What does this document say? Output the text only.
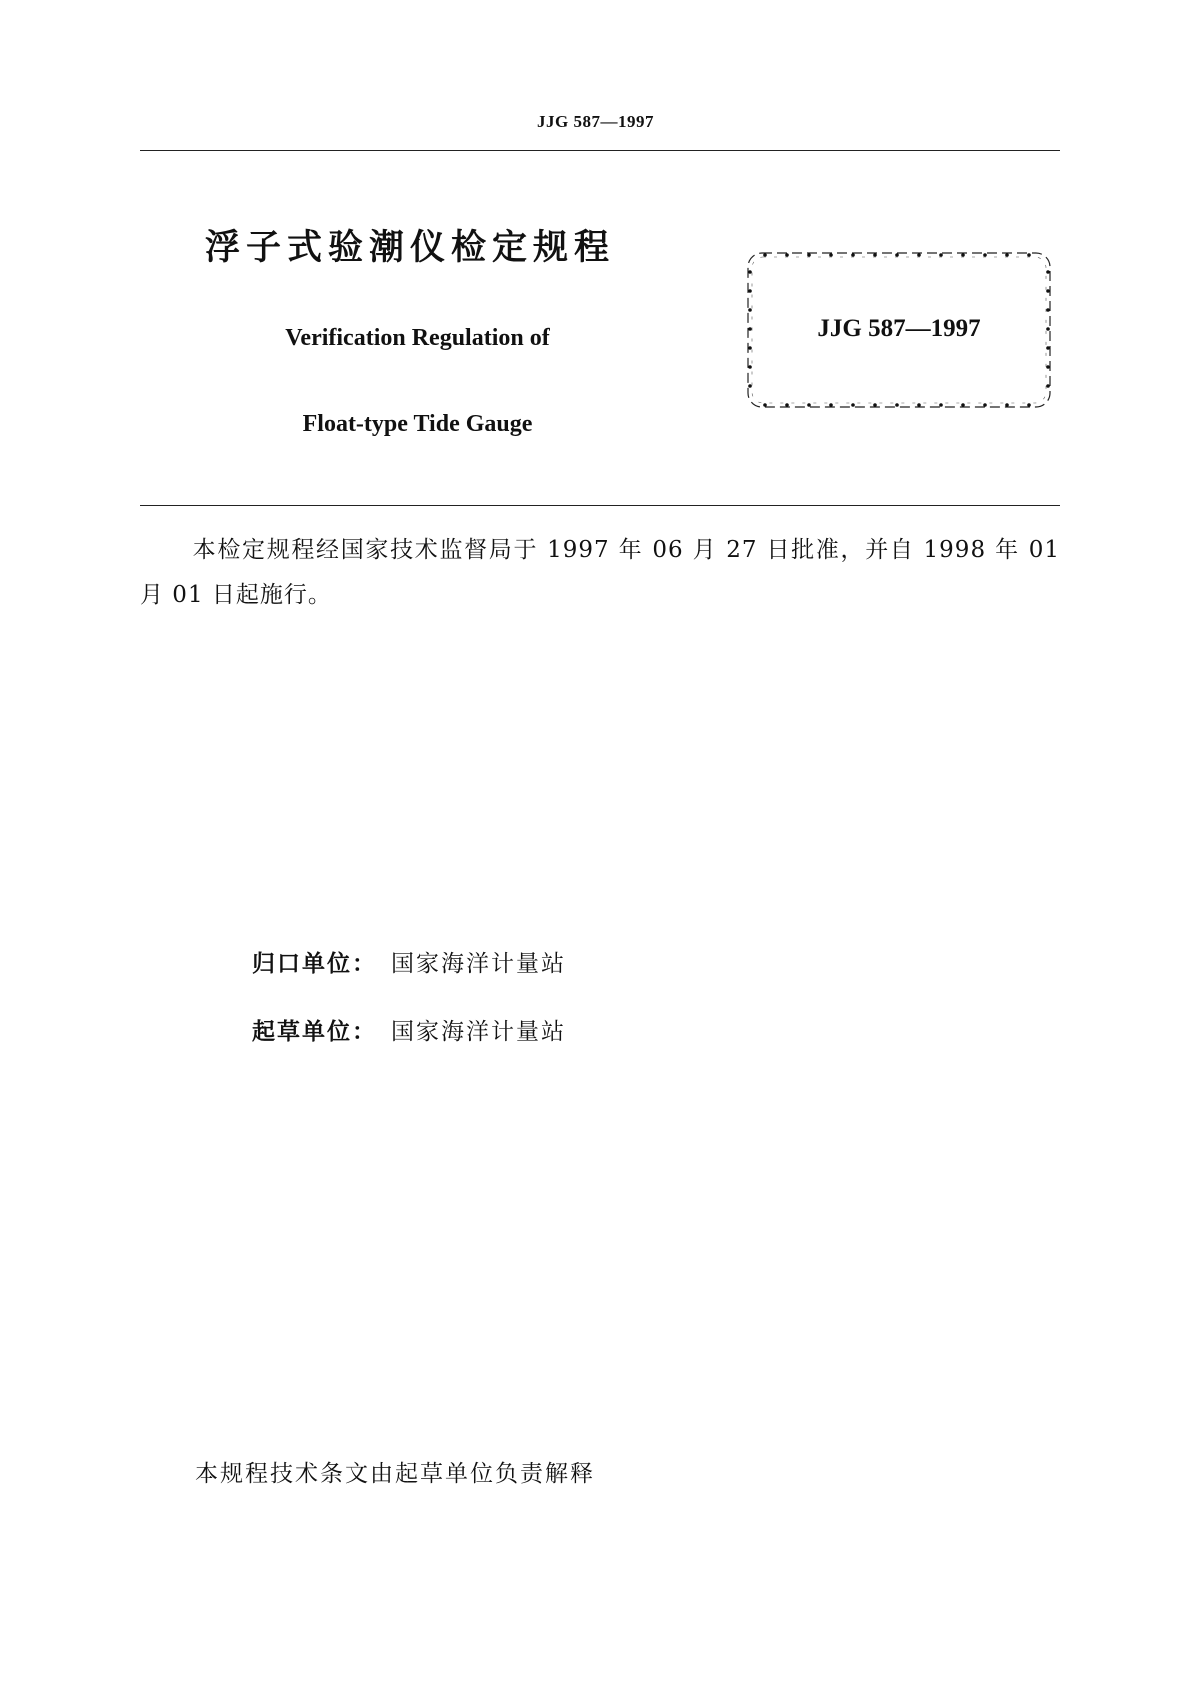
JJG 587—1997
浮子式验潮仪检定规程
Verification Regulation of
Float-type Tide Gauge
JJG 587—1997
本检定规程经国家技术监督局于 1997 年 06 月 27 日批准，并自 1998 年 01 月 01 日起施行。
归口单位： 国家海洋计量站
起草单位： 国家海洋计量站
本规程技术条文由起草单位负责解释
